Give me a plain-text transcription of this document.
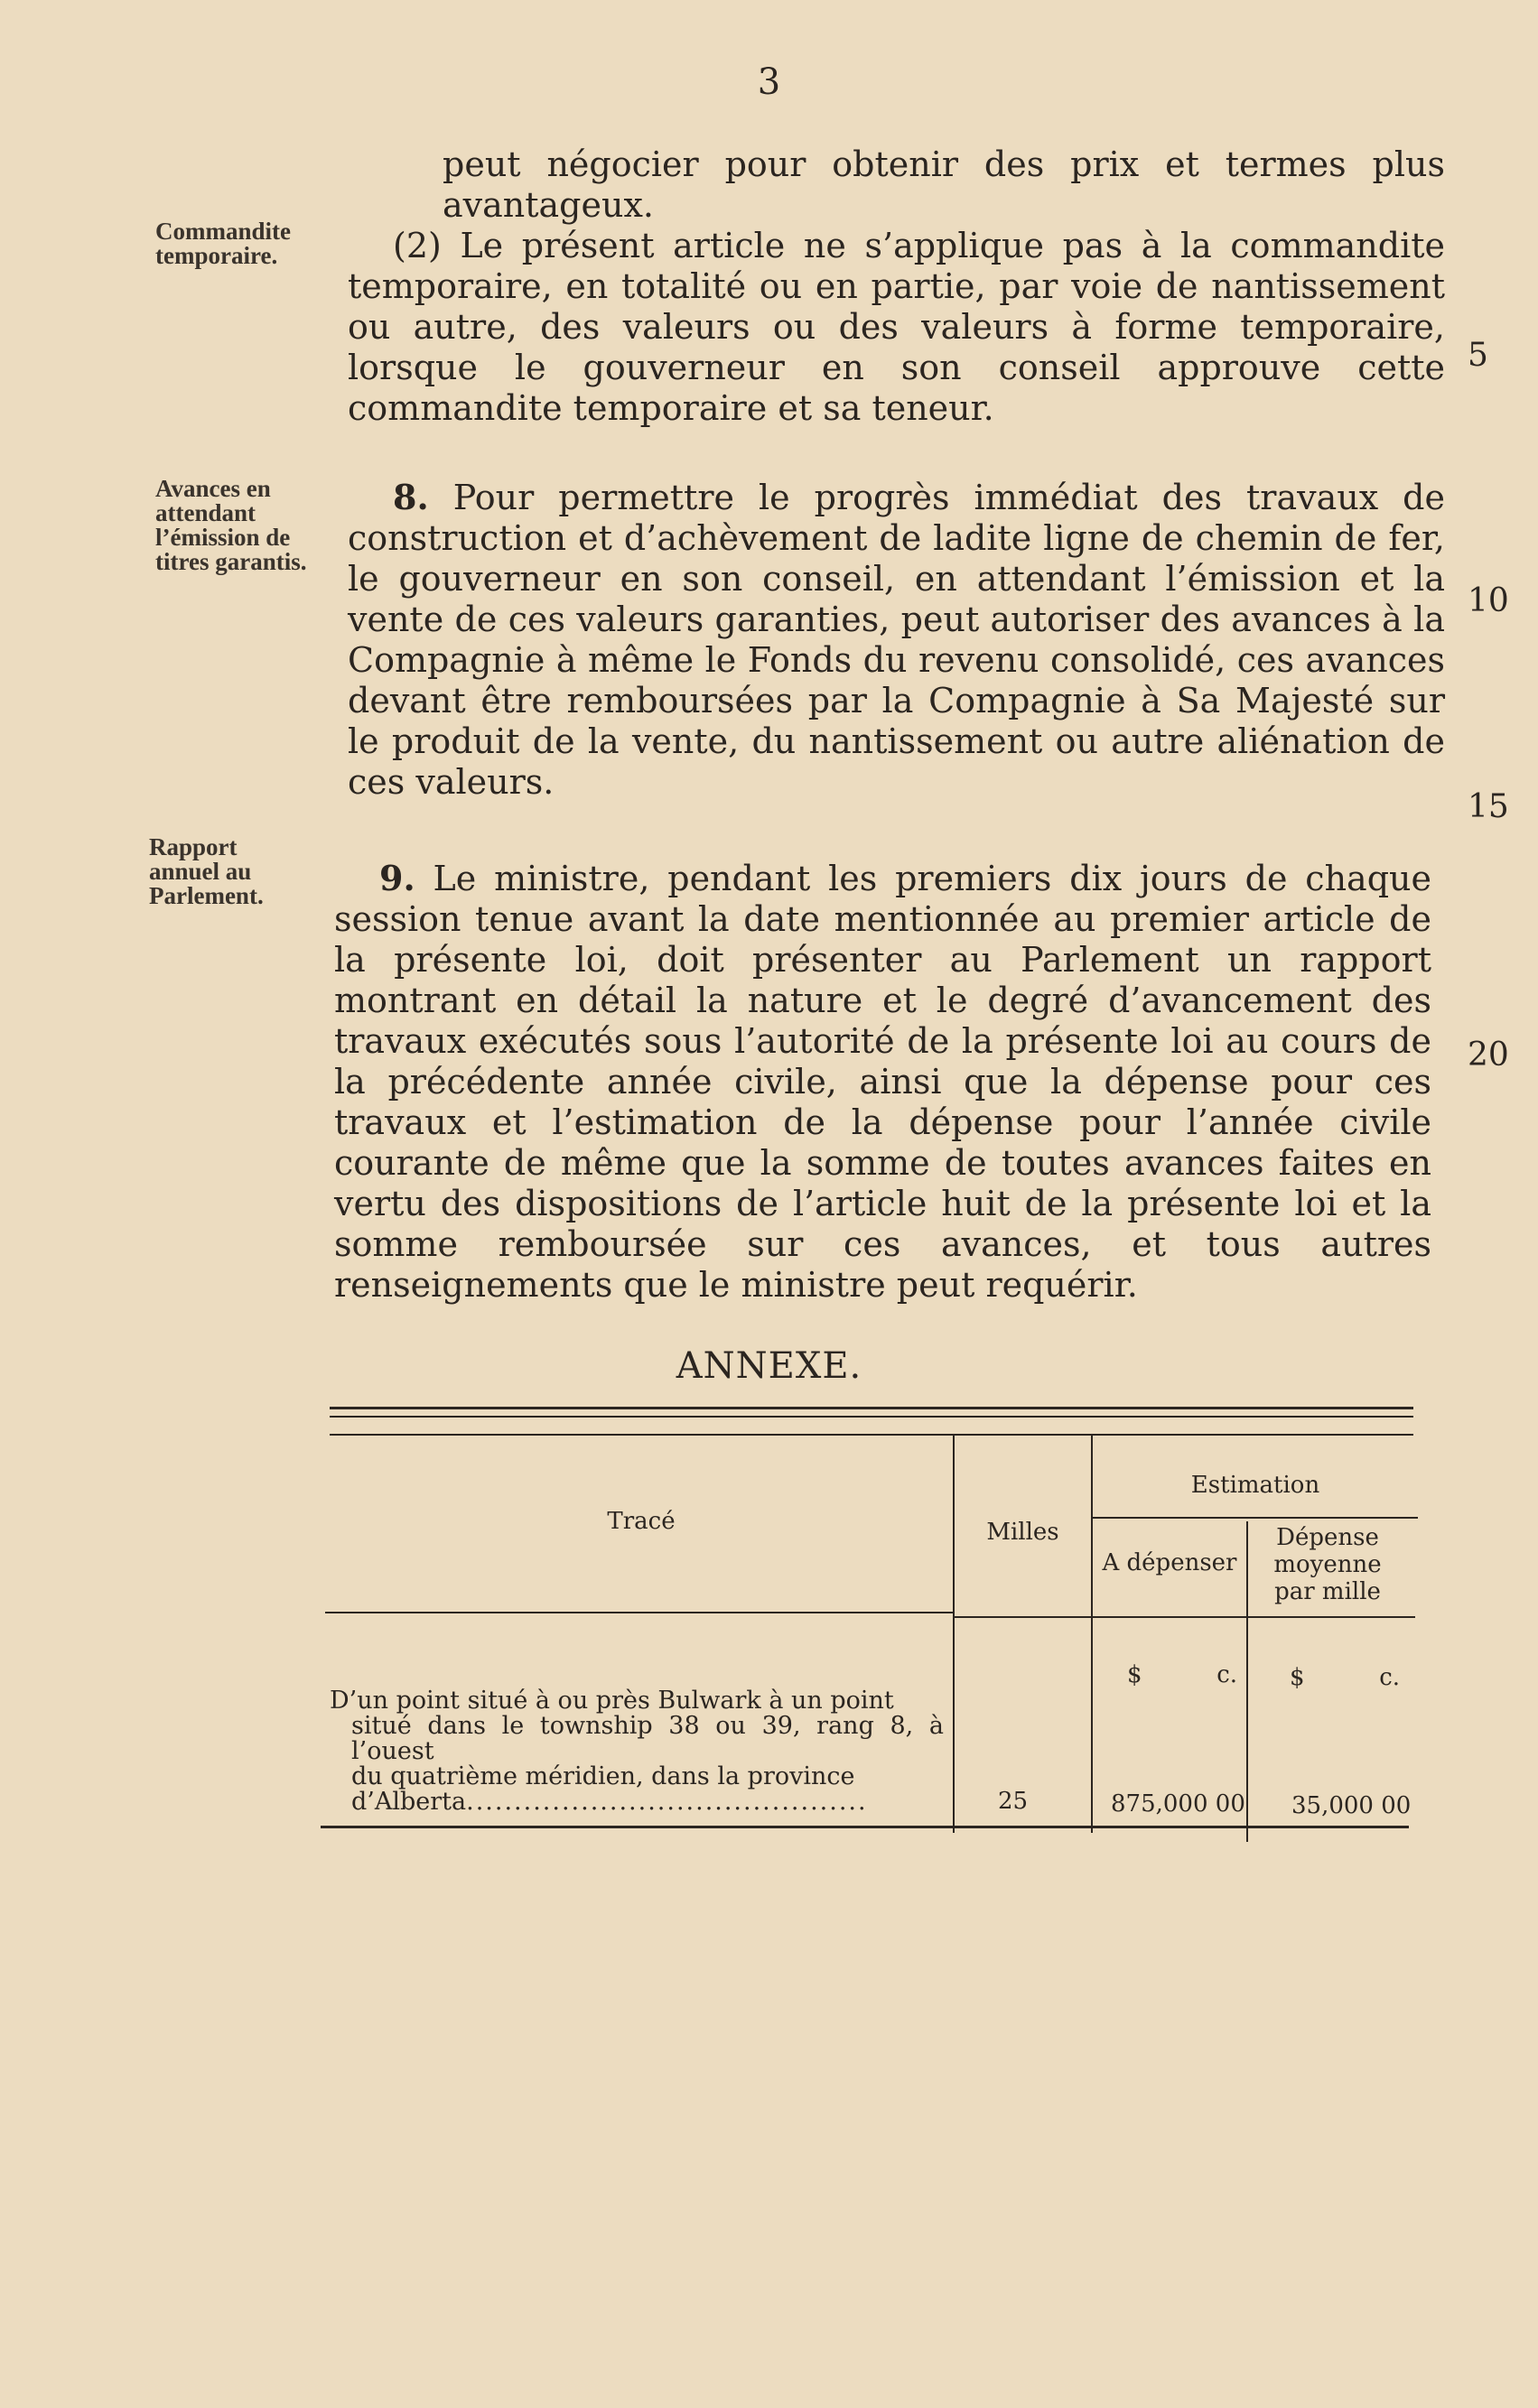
3
peut négocier pour obtenir des prix et termes plus avantageux.
Commandite temporaire.	(2) Le présent article ne s’applique pas à la commandite temporaire, en totalité ou en partie, par voie de nantissement ou autre, des valeurs ou des valeurs à forme temporaire, lorsque le gouverneur en son conseil approuve cette commandite temporaire et sa teneur.
5
Avances en attendant l’émission de titres garantis.
8. Pour permettre le progrès immédiat des travaux de construction et d’achèvement de ladite ligne de chemin de fer, le gouverneur en son conseil, en attendant l’émission et la vente de ces valeurs garanties, peut autoriser des avances à la Compagnie à même le Fonds du revenu consolidé, ces avances devant être remboursées par la Compagnie à Sa Majesté sur le produit de la vente, du nantissement ou autre aliénation de ces valeurs.
10
15
Rapport annuel au Parlement.	9. Le ministre, pendant les premiers dix jours de chaque session tenue avant la date mentionnée au premier article de la présente loi, doit présenter au Parlement un rapport montrant en détail la nature et le degré d’avancement des travaux exécutés sous l’autorité de la présente loi au cours de la précédente année civile, ainsi que la dépense pour ces travaux et l’estimation de la dépense pour l’année civile courante de même que la somme de toutes avances faites en vertu des dispositions de l’article huit de la présente loi et la somme remboursée sur ces avances, et tous autres renseignements que le ministre peut requérir.
20
ANNEXE.
Tracé	Milles
Estimation
A dépenser
Dépense moyenne par mille
$          c. $          c.
D’un point situé à ou près Bulwark à un point
situé dans le township 38 ou 39, rang 8, à l’ouest
du quatrième méridien, dans la province
d’Alberta..........................................	25	875,000 00 35,000 00
